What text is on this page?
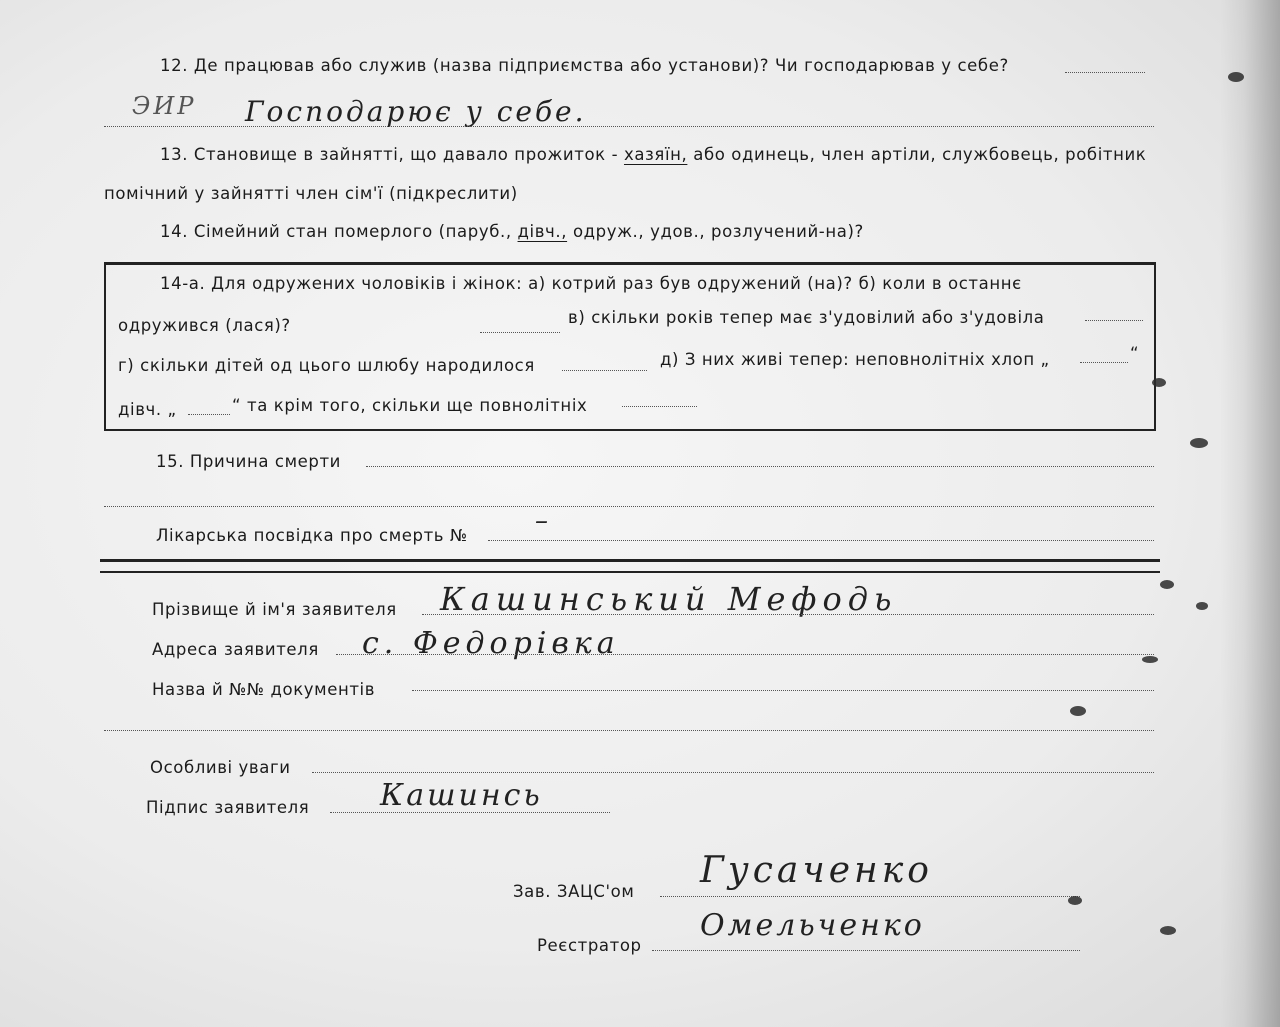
12. Де працював або служив (назва підприємства або установи)? Чи господарював у себе?
ЭИР Господарює у себе.
13. Становище в зайнятті, що давало прожиток - хазяїн, або одинець, член артіли, службовець, робітник
помічний у зайнятті член сім'ї (підкреслити)
14. Сімейний стан померлого (паруб., дівч., одруж., удов., розлучений-на)?
14-а. Для одружених чоловіків і жінок: а) котрий раз був одружений (на)? б) коли в останнє
одружився (лася)?	в) скільки років тепер має з'удовілий або з'удовіла
г) скільки дітей од цього шлюбу народилося	д) З них живі тепер: неповнолітніх хлоп „	“
дівч. „	“ та крім того, скільки ще повнолітніх
15. Причина смерти
Лікарська посвідка про смерть №	–
Прізвище й ім'я заявителя Кашинський Мефодь
Адреса заявителя с. Федорівка
Назва й №№ документів
Особливі уваги
Підпис заявителя Кашинсь
Зав. ЗАЦС'ом
Гусаченко
Реєстратор
Омельченко
